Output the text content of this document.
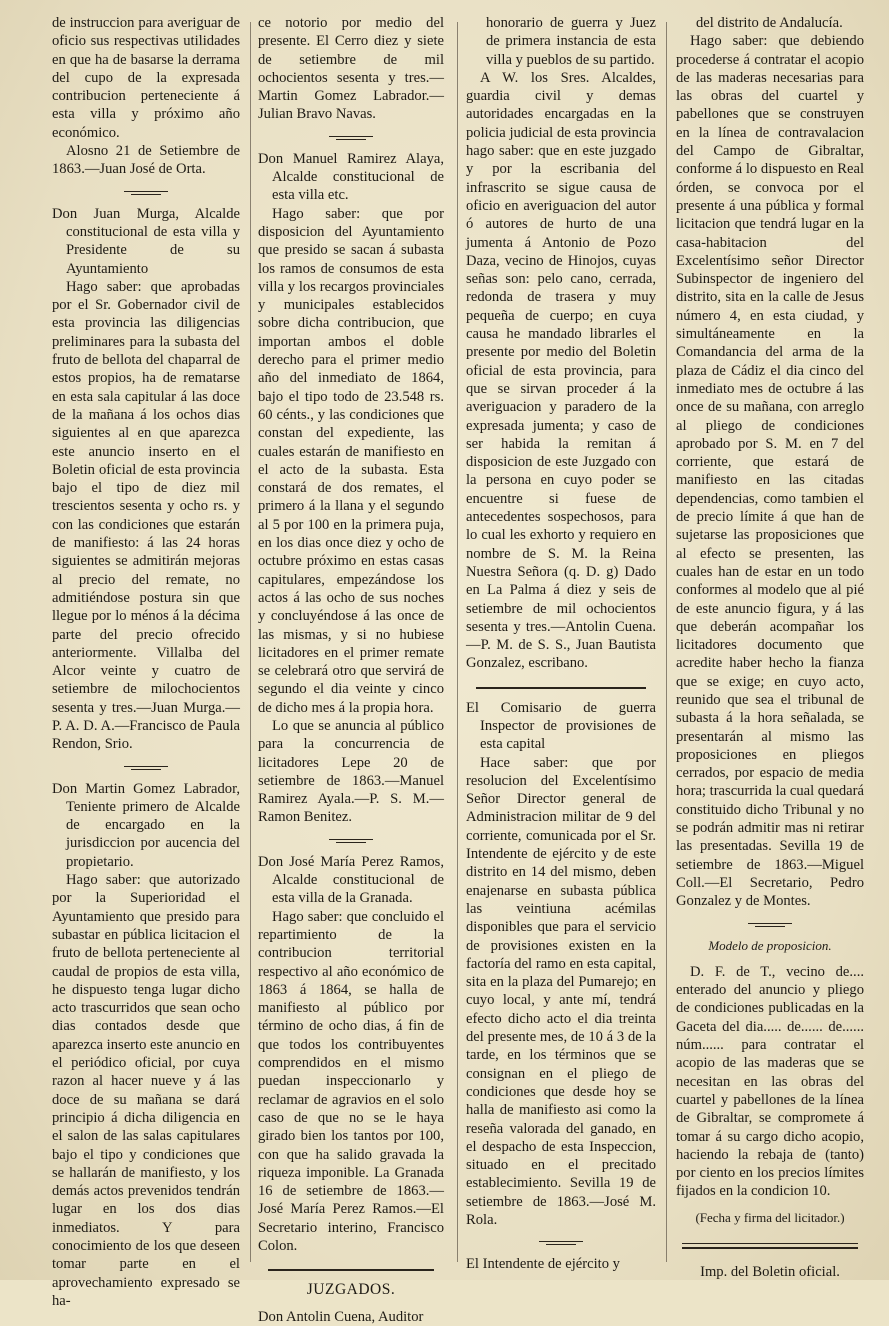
de instruccion para averiguar de oficio sus respectivas utilidades en que ha de basarse la derrama del cupo de la expresada contribucion perteneciente á esta villa y próximo año económico.

Alosno 21 de Setiembre de 1863.—Juan José de Orta.

Don Juan Murga, Alcalde constitucional de esta villa y Presidente de su Ayuntamiento

Hago saber: que aprobadas por el Sr. Gobernador civil de esta provincia las diligencias preliminares para la subasta del fruto de bellota del chaparral de estos propios, ha de rematarse en esta sala capitular á las doce de la mañana á los ochos dias siguientes al en que aparezca este anuncio inserto en el Boletin oficial de esta provincia bajo el tipo de diez mil trescientos sesenta y ocho rs. y con las condiciones que estarán de manifiesto: á las 24 horas siguientes se admitirán mejoras al precio del remate, no admitiéndose postura sin que llegue por lo ménos á la décima parte del precio ofrecido anteriormente. Villalba del Alcor veinte y cuatro de setiembre de milochocientos sesenta y tres.—Juan Murga.—P. A. D. A.—Francisco de Paula Rendon, Srio.

Don Martin Gomez Labrador, Teniente primero de Alcalde de encargado en la jurisdiccion por aucencia del propietario.

Hago saber: que autorizado por la Superioridad el Ayuntamiento que presido para subastar en pública licitacion el fruto de bellota perteneciente al caudal de propios de esta villa, he dispuesto tenga lugar dicho acto trascurridos que sean ocho dias contados desde que aparezca inserto este anuncio en el periódico oficial, por cuya razon al hacer nueve y á las doce de su mañana se dará principio á dicha diligencia en el salon de las salas capitulares bajo el tipo y condiciones que se hallarán de manifiesto, y los demás actos prevenidos tendrán lugar en los dos dias inmediatos. Y para conocimiento de los que deseen tomar parte en el aprovechamiento expresado se ha-

ce notorio por medio del presente. El Cerro diez y siete de setiembre de mil ochocientos sesenta y tres.—Martin Gomez Labrador.—Julian Bravo Navas.

Don Manuel Ramirez Alaya, Alcalde constitucional de esta villa etc.

Hago saber: que por disposicion del Ayuntamiento que presido se sacan á subasta los ramos de consumos de esta villa y los recargos provinciales y municipales establecidos sobre dicha contribucion, que importan ambos el doble derecho para el primer medio año del inmediato de 1864, bajo el tipo todo de 23.548 rs. 60 cénts., y las condiciones que constan del expediente, las cuales estarán de manifiesto en el acto de la subasta. Esta constará de dos remates, el primero á la llana y el segundo al 5 por 100 en la primera puja, en los dias once diez y ocho de octubre próximo en estas casas capitulares, empezándose los actos á las ocho de sus noches y concluyéndose á las once de las mismas, y si no hubiese licitadores en el primer remate se celebrará otro que servirá de segundo el dia veinte y cinco de dicho mes á la propia hora.

Lo que se anuncia al público para la concurrencia de licitadores Lepe 20 de setiembre de 1863.—Manuel Ramirez Ayala.—P. S. M.—Ramon Benitez.

Don José María Perez Ramos, Alcalde constitucional de esta villa de la Granada.

Hago saber: que concluido el repartimiento de la contribucion territorial respectivo al año económico de 1863 á 1864, se halla de manifiesto al público por término de ocho dias, á fin de que todos los contribuyentes comprendidos en el mismo puedan inspeccionarlo y reclamar de agravios en el solo caso de que no se le haya girado bien los tantos por 100, con que ha salido gravada la riqueza imponible. La Granada 16 de setiembre de 1863.—José María Perez Ramos.—El Secretario interino, Francisco Colon.

JUZGADOS.

Don Antolin Cuena, Auditor

honorario de guerra y Juez de primera instancia de esta villa y pueblos de su partido.

A W. los Sres. Alcaldes, guardia civil y demas autoridades encargadas en la policia judicial de esta provincia hago saber: que en este juzgado y por la escribania del infrascrito se sigue causa de oficio en averiguacion del autor ó autores de hurto de una jumenta á Antonio de Pozo Daza, vecino de Hinojos, cuyas señas son: pelo cano, cerrada, redonda de trasera y muy pequeña de cuerpo; en cuya causa he mandado librarles el presente por medio del Boletin oficial de esta provincia, para que se sirvan proceder á la averiguacion y paradero de la expresada jumenta; y caso de ser habida la remitan á disposicion de este Juzgado con la persona en cuyo poder se encuentre si fuese de antecedentes sospechosos, para lo cual les exhorto y requiero en nombre de S. M. la Reina Nuestra Señora (q. D. g) Dado en La Palma á diez y seis de setiembre de mil ochocientos sesenta y tres.—Antolin Cuena.—P. M. de S. S., Juan Bautista Gonzalez, escribano.

El Comisario de guerra Inspector de provisiones de esta capital

Hace saber: que por resolucion del Excelentísimo Señor Director general de Administracion militar de 9 del corriente, comunicada por el Sr. Intendente de ejército y de este distrito en 14 del mismo, deben enajenarse en subasta pública las veintiuna acémilas disponibles que para el servicio de provisiones existen en la factoría del ramo en esta capital, sita en la plaza del Pumarejo; en cuyo local, y ante mí, tendrá efecto dicho acto el dia treinta del presente mes, de 10 á 3 de la tarde, en los términos que se consignan en el pliego de condiciones que desde hoy se halla de manifiesto asi como la reseña valorada del ganado, en el despacho de esta Inspeccion, situado en el precitado establecimiento. Sevilla 19 de setiembre de 1863.—José M. Rola.

El Intendente de ejército y

del distrito de Andalucía.

Hago saber: que debiendo procederse á contratar el acopio de las maderas necesarias para las obras del cuartel y pabellones que se construyen en la línea de contravalacion del Campo de Gibraltar, conforme á lo dispuesto en Real órden, se convoca por el presente á una pública y formal licitacion que tendrá lugar en la casa-habitacion del Excelentísimo señor Director Subinspector de ingeniero del distrito, sita en la calle de Jesus número 4, en esta ciudad, y simultáneamente en la Comandancia del arma de la plaza de Cádiz el dia cinco del inmediato mes de octubre á las once de su mañana, con arreglo al pliego de condiciones aprobado por S. M. en 7 del corriente, que estará de manifiesto en las citadas dependencias, como tambien el de precio límite á que han de sujetarse las proposiciones que al efecto se presenten, las cuales han de estar en un todo conformes al modelo que al pié de este anuncio figura, y á las que deberán acompañar los licitadores documento que acredite haber hecho la fianza que se exige; en cuyo acto, reunido que sea el tribunal de subasta á la hora señalada, se presentarán al mismo las proposiciones en pliegos cerrados, por espacio de media hora; trascurrida la cual quedará constituido dicho Tribunal y no se podrán admitir mas ni retirar las presentadas. Sevilla 19 de setiembre de 1863.—Miguel Coll.—El Secretario, Pedro Gonzalez y de Montes.

Modelo de proposicion.

D. F. de T., vecino de.... enterado del anuncio y pliego de condiciones publicadas en la Gaceta del dia..... de...... de...... núm...... para contratar el acopio de las maderas que se necesitan en las obras del cuartel y pabellones de la línea de Gibraltar, se compromete á tomar á su cargo dicho acopio, haciendo la rebaja de (tanto) por ciento en los precios límites fijados en la condicion 10.

(Fecha y firma del licitador.)

Imp. del Boletin oficial.
